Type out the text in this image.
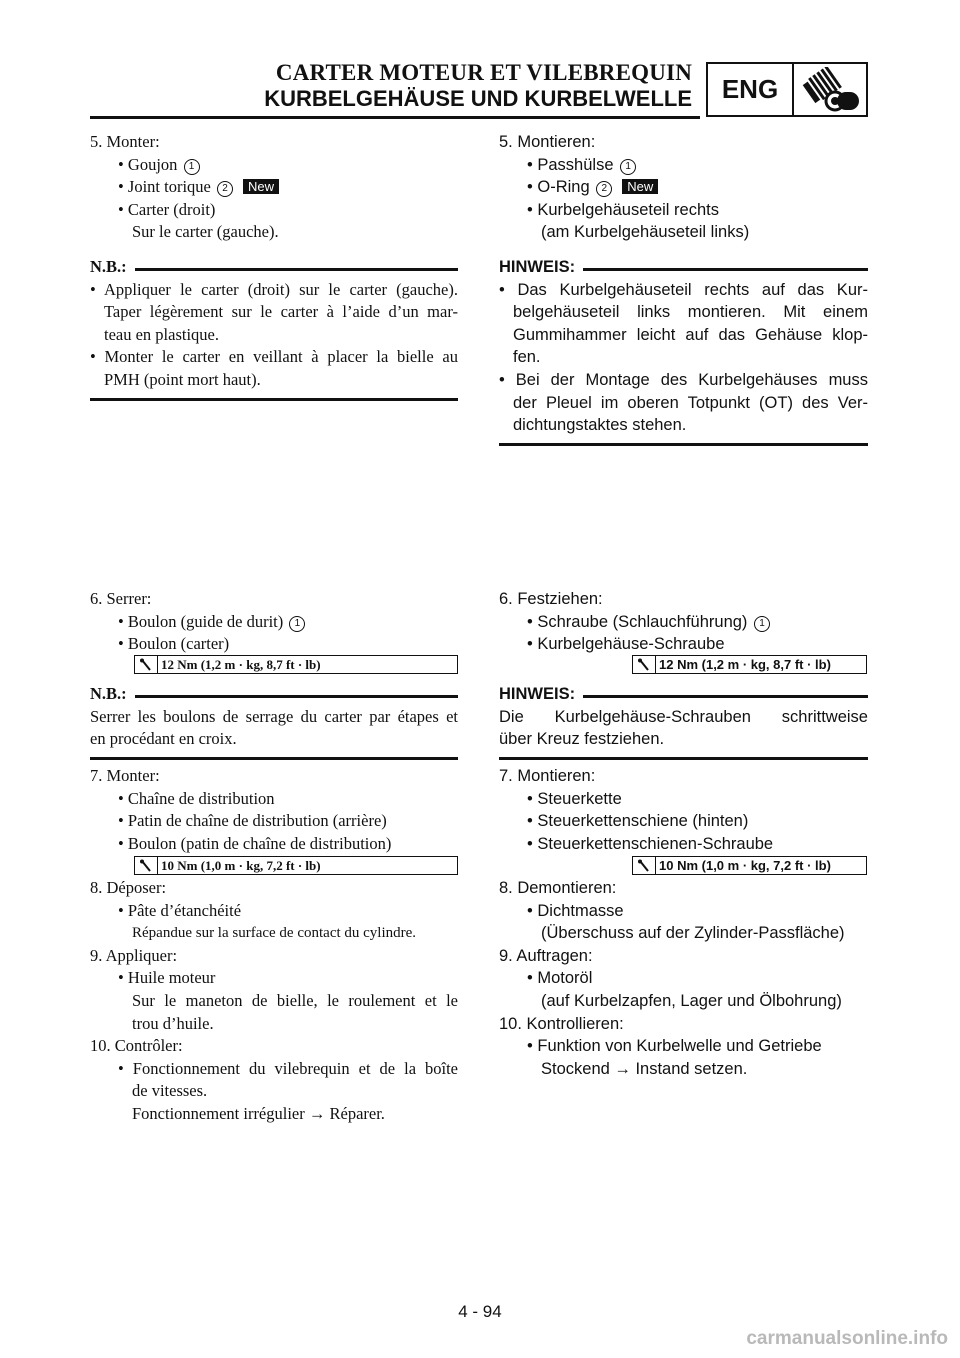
CARTER MOTEUR ET VILEBREQUIN
KURBELGEHÄUSE UND KURBELWELLE	ENG
5. Monter:
• Goujon 1
• Joint torique 2 New
• Carter (droit)
Sur le carter (gauche).
N.B.:
• Appliquer le carter (droit) sur le carter (gauche).
Taper légèrement sur le carter à l’aide d’un mar-
teau en plastique.
• Monter le carter en veillant à placer la bielle au
PMH (point mort haut).
6. Serrer:
• Boulon (guide de durit) 1
• Boulon (carter)
12 Nm (1,2 m · kg, 8,7 ft · lb)
N.B.:
Serrer les boulons de serrage du carter par étapes et
en procédant en croix.
7. Monter:
• Chaîne de distribution
• Patin de chaîne de distribution (arrière)
• Boulon (patin de chaîne de distribution)
10 Nm (1,0 m · kg, 7,2 ft · lb)
8. Déposer:
• Pâte d’étanchéité
Répandue sur la surface de contact du cylindre.
9. Appliquer:
• Huile moteur
Sur le maneton de bielle, le roulement et le
trou d’huile.
10. Contrôler:
• Fonctionnement du vilebrequin et de la boîte
de vitesses.
Fonctionnement irrégulier → Réparer.
5. Montieren:
• Passhülse 1
• O-Ring 2 New
• Kurbelgehäuseteil rechts
(am Kurbelgehäuseteil links)
HINWEIS:
• Das Kurbelgehäuseteil rechts auf das Kur-
belgehäuseteil links montieren. Mit einem
Gummihammer leicht auf das Gehäuse klop-
fen.
• Bei der Montage des Kurbelgehäuses muss
der Pleuel im oberen Totpunkt (OT) des Ver-
dichtungstaktes stehen.
6. Festziehen:
• Schraube (Schlauchführung) 1
• Kurbelgehäuse-Schraube
12 Nm (1,2 m · kg, 8,7 ft · lb)
HINWEIS:
Die Kurbelgehäuse-Schrauben schrittweise
über Kreuz festziehen.
7. Montieren:
• Steuerkette
• Steuerkettenschiene (hinten)
• Steuerkettenschienen-Schraube
10 Nm (1,0 m · kg, 7,2 ft · lb)
8. Demontieren:
• Dichtmasse
(Überschuss auf der Zylinder-Passfläche)
9. Auftragen:
• Motoröl
(auf Kurbelzapfen, Lager und Ölbohrung)
10. Kontrollieren:
• Funktion von Kurbelwelle und Getriebe
Stockend → Instand setzen.
4 - 94
carmanualsonline.info
